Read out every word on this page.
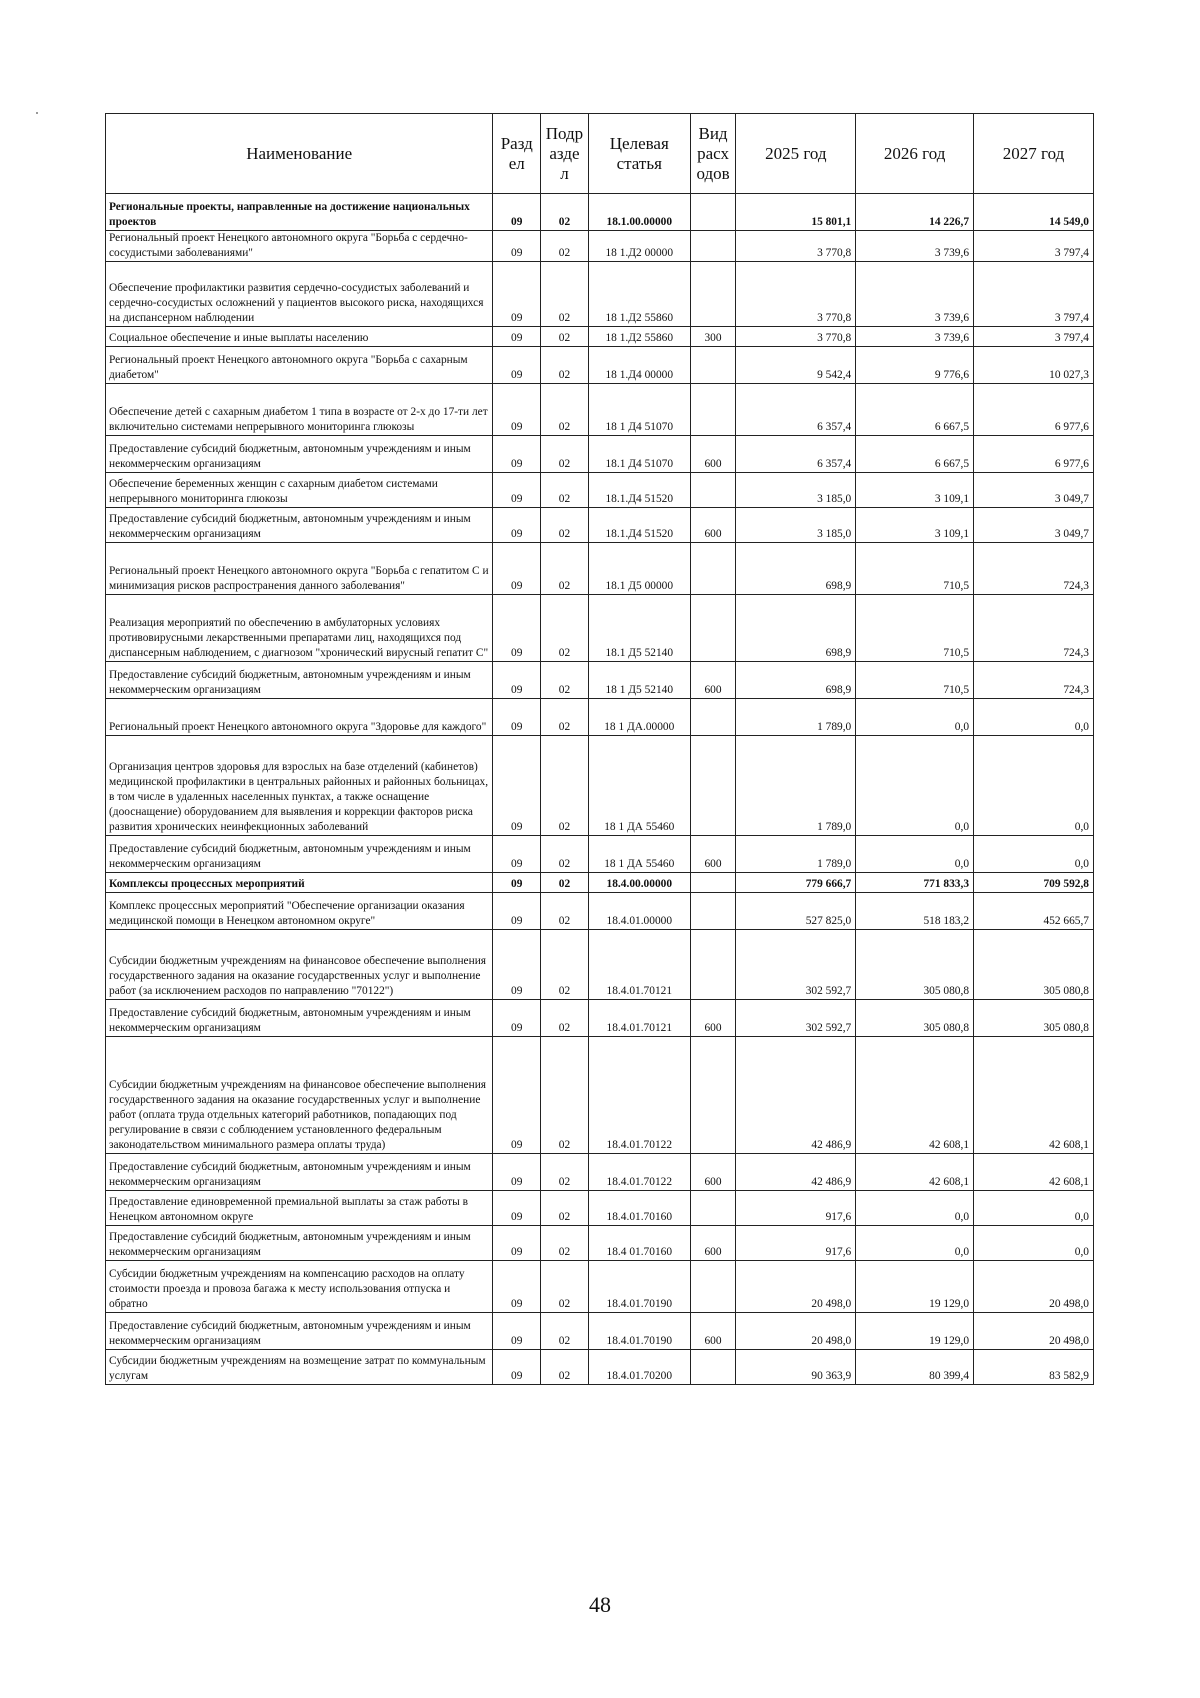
Наименование	Разд ел	Подр азде л	Целевая статья	Вид расх одов	2025 год	2026 год	2027 год
Региональные проекты, направленные на достижение национальных проектов	09	02	18.1.00.00000		15 801,1	14 226,7	14 549,0
Региональный проект Ненецкого автономного округа "Борьба с сердечно-сосудистыми заболеваниями"	09	02	18 1.Д2 00000		3 770,8	3 739,6	3 797,4
Обеспечение профилактики развития сердечно-сосудистых заболеваний и сердечно-сосудистых осложнений у пациентов высокого риска, находящихся на диспансерном наблюдении	09	02	18 1.Д2 55860		3 770,8	3 739,6	3 797,4
Социальное обеспечение и иные выплаты населению	09	02	18 1.Д2 55860	300	3 770,8	3 739,6	3 797,4
Региональный проект Ненецкого автономного округа "Борьба с сахарным диабетом"	09	02	18 1.Д4 00000		9 542,4	9 776,6	10 027,3
Обеспечение детей с сахарным диабетом 1 типа в возрасте от 2-х до 17-ти лет включительно системами непрерывного мониторинга глюкозы	09	02	18 1 Д4 51070		6 357,4	6 667,5	6 977,6
Предоставление субсидий бюджетным, автономным учреждениям и иным некоммерческим организациям	09	02	18.1 Д4 51070	600	6 357,4	6 667,5	6 977,6
Обеспечение беременных женщин с сахарным диабетом системами непрерывного мониторинга глюкозы	09	02	18.1.Д4 51520		3 185,0	3 109,1	3 049,7
Предоставление субсидий бюджетным, автономным учреждениям и иным некоммерческим организациям	09	02	18.1.Д4 51520	600	3 185,0	3 109,1	3 049,7
Региональный проект Ненецкого автономного округа "Борьба с гепатитом С и минимизация рисков распространения данного заболевания"	09	02	18.1 Д5 00000		698,9	710,5	724,3
Реализация мероприятий по обеспечению в амбулаторных условиях противовирусными лекарственными препаратами лиц, находящихся под диспансерным наблюдением, с диагнозом "хронический вирусный гепатит С"	09	02	18.1 Д5 52140		698,9	710,5	724,3
Предоставление субсидий бюджетным, автономным учреждениям и иным некоммерческим организациям	09	02	18 1 Д5 52140	600	698,9	710,5	724,3
Региональный проект Ненецкого автономного округа "Здоровье для каждого"	09	02	18 1 ДА.00000		1 789,0	0,0	0,0
Организация центров здоровья для взрослых на базе отделений (кабинетов) медицинской профилактики в центральных районных и районных больницах, в том числе в удаленных населенных пунктах, а также оснащение (дооснащение) оборудованием для выявления и коррекции факторов риска развития хронических неинфекционных заболеваний	09	02	18 1 ДА 55460		1 789,0	0,0	0,0
Предоставление субсидий бюджетным, автономным учреждениям и иным некоммерческим организациям	09	02	18 1 ДА 55460	600	1 789,0	0,0	0,0
Комплексы процессных мероприятий	09	02	18.4.00.00000		779 666,7	771 833,3	709 592,8
Комплекс процессных мероприятий "Обеспечение организации оказания медицинской помощи в Ненецком автономном округе"	09	02	18.4.01.00000		527 825,0	518 183,2	452 665,7
Субсидии бюджетным учреждениям на финансовое обеспечение выполнения государственного задания на оказание государственных услуг и выполнение работ (за исключением расходов по направлению "70122")	09	02	18.4.01.70121		302 592,7	305 080,8	305 080,8
Предоставление субсидий бюджетным, автономным учреждениям и иным некоммерческим организациям	09	02	18.4.01.70121	600	302 592,7	305 080,8	305 080,8
Субсидии бюджетным учреждениям на финансовое обеспечение выполнения государственного задания на оказание государственных услуг и выполнение работ (оплата труда отдельных категорий работников, попадающих под регулирование в связи с соблюдением установленного федеральным законодательством минимального размера оплаты труда)	09	02	18.4.01.70122		42 486,9	42 608,1	42 608,1
Предоставление субсидий бюджетным, автономным учреждениям и иным некоммерческим организациям	09	02	18.4.01.70122	600	42 486,9	42 608,1	42 608,1
Предоставление единовременной премиальной выплаты за стаж работы в Ненецком автономном округе	09	02	18.4.01.70160		917,6	0,0	0,0
Предоставление субсидий бюджетным, автономным учреждениям и иным некоммерческим организациям	09	02	18.4 01.70160	600	917,6	0,0	0,0
Субсидии бюджетным учреждениям на компенсацию расходов на оплату стоимости проезда и провоза багажа к месту использования отпуска и обратно	09	02	18.4.01.70190		20 498,0	19 129,0	20 498,0
Предоставление субсидий бюджетным, автономным учреждениям и иным некоммерческим организациям	09	02	18.4.01.70190	600	20 498,0	19 129,0	20 498,0
Субсидии бюджетным учреждениям на возмещение затрат по коммунальным услугам	09	02	18.4.01.70200		90 363,9	80 399,4	83 582,9
48
